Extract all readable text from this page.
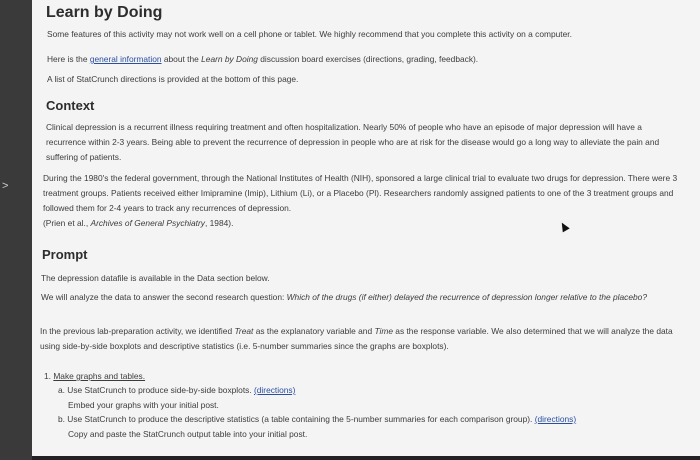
>
Learn by Doing

Some features of this activity may not work well on a cell phone or tablet. We highly recommend that you complete this activity on a computer.

Here is the general information about the Learn by Doing discussion board exercises (directions, grading, feedback).

A list of StatCrunch directions is provided at the bottom of this page.

Context

Clinical depression is a recurrent illness requiring treatment and often hospitalization. Nearly 50% of people who have an episode of major depression will have a recurrence within 2-3 years. Being able to prevent the recurrence of depression in people who are at risk for the disease would go a long way to alleviate the pain and suffering of patients.

During the 1980's the federal government, through the National Institutes of Health (NIH), sponsored a large clinical trial to evaluate two drugs for depression. There were 3 treatment groups. Patients received either Imipramine (Imip), Lithium (Li), or a Placebo (Pl). Researchers randomly assigned patients to one of the 3 treatment groups and followed them for 2-4 years to track any recurrences of depression.
(Prien et al., Archives of General Psychiatry, 1984).

Prompt

The depression datafile is available in the Data section below.

We will analyze the data to answer the second research question: Which of the drugs (if either) delayed the recurrence of depression longer relative to the placebo?

In the previous lab-preparation activity, we identified Treat as the explanatory variable and Time as the response variable. We also determined that we will analyze the data using side-by-side boxplots and descriptive statistics (i.e. 5-number summaries since the graphs are boxplots).

1. Make graphs and tables.

a. Use StatCrunch to produce side-by-side boxplots. (directions)

Embed your graphs with your initial post.

b. Use StatCrunch to produce the descriptive statistics (a table containing the 5-number summaries for each comparison group). (directions)

Copy and paste the StatCrunch output table into your initial post.
